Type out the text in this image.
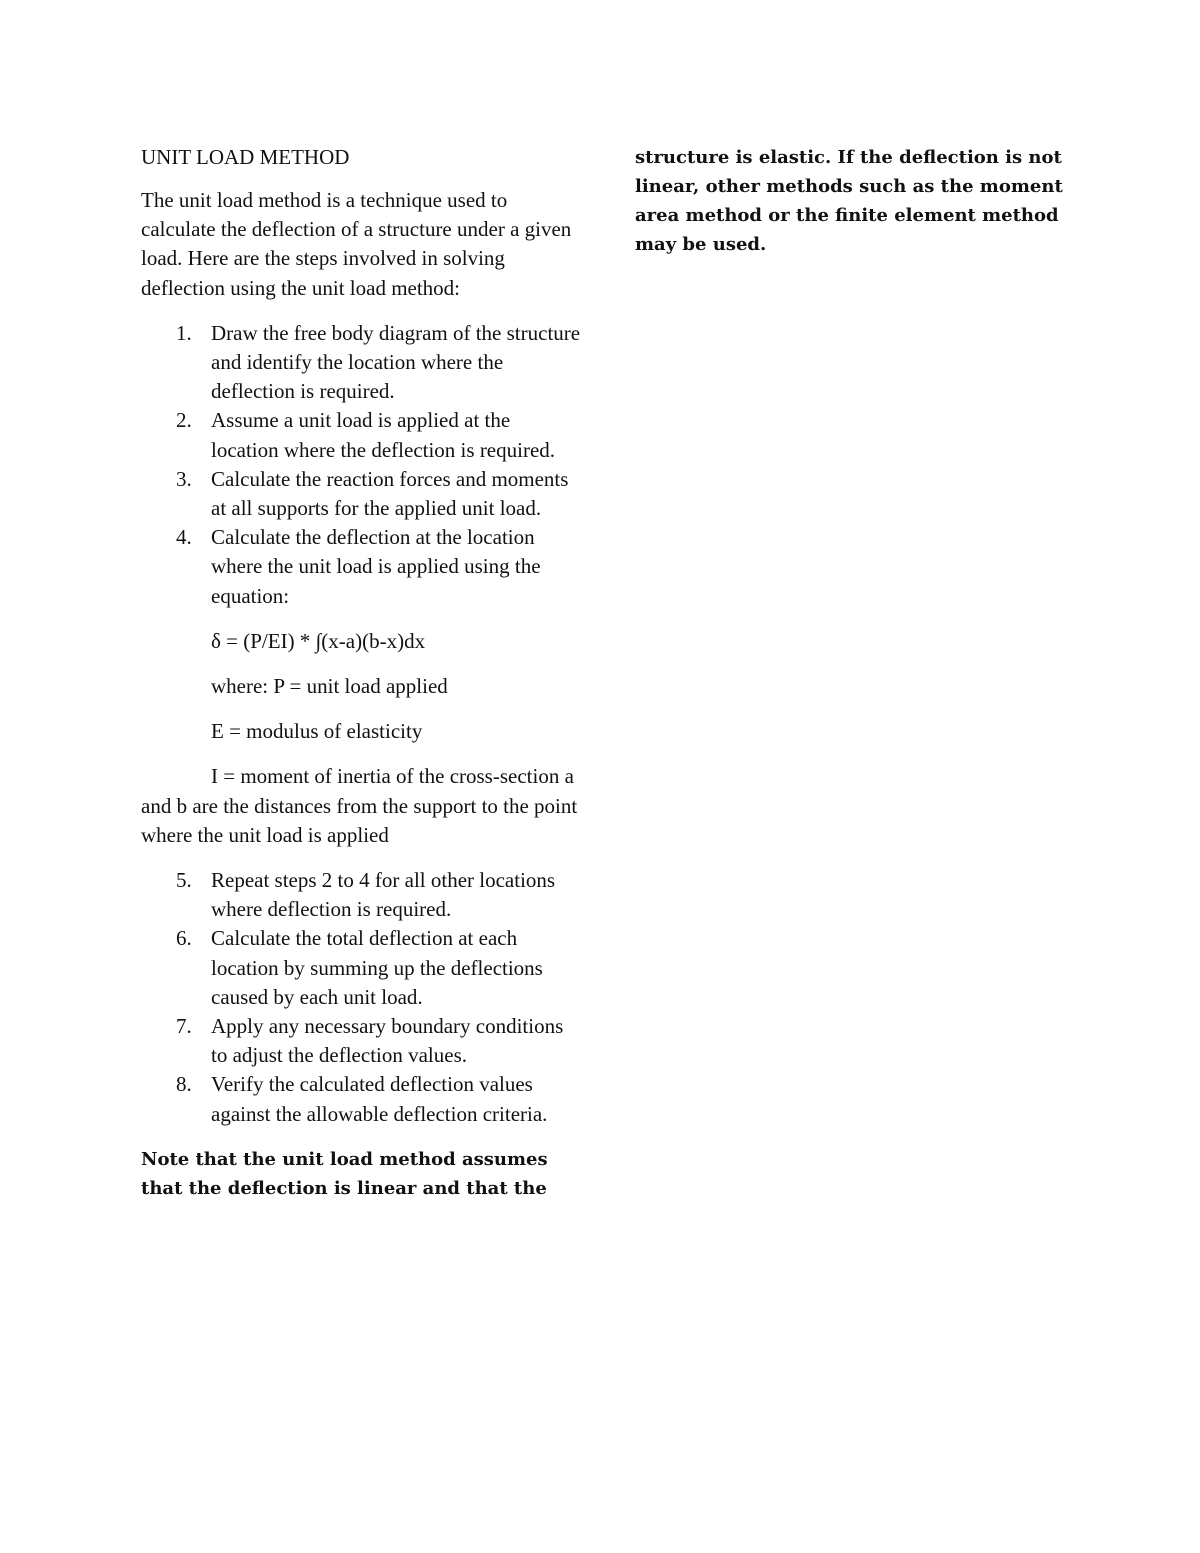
UNIT LOAD METHOD

The unit load method is a technique used to calculate the deflection of a structure under a given load. Here are the steps involved in solving deflection using the unit load method:

1. Draw the free body diagram of the structure and identify the location where the deflection is required.
2. Assume a unit load is applied at the location where the deflection is required.
3. Calculate the reaction forces and moments at all supports for the applied unit load.
4. Calculate the deflection at the location where the unit load is applied using the equation:

δ = (P/EI) * ∫(x-a)(b-x)dx

where: P = unit load applied

E = modulus of elasticity

I = moment of inertia of the cross-section a and b are the distances from the support to the point where the unit load is applied

5. Repeat steps 2 to 4 for all other locations where deflection is required.
6. Calculate the total deflection at each location by summing up the deflections caused by each unit load.
7. Apply any necessary boundary conditions to adjust the deflection values.
8. Verify the calculated deflection values against the allowable deflection criteria.

Note that the unit load method assumes that the deflection is linear and that the

structure is elastic. If the deflection is not linear, other methods such as the moment area method or the finite element method may be used.
